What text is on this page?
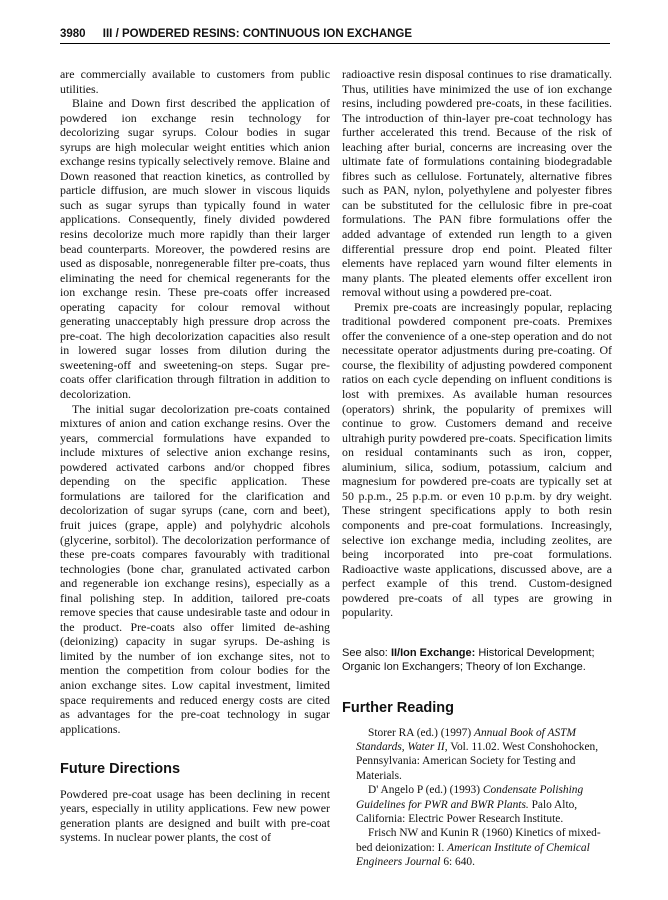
3980 III / POWDERED RESINS: CONTINUOUS ION EXCHANGE

are commercially available to customers from public utilities.

Blaine and Down first described the application of powdered ion exchange resin technology for decolorizing sugar syrups. Colour bodies in sugar syrups are high molecular weight entities which anion exchange resins typically selectively remove. Blaine and Down reasoned that reaction kinetics, as controlled by particle diffusion, are much slower in viscous liquids such as sugar syrups than typically found in water applications. Consequently, finely divided powdered resins decolorize much more rapidly than their larger bead counterparts. Moreover, the powdered resins are used as disposable, nonregenerable filter pre-coats, thus eliminating the need for chemical regenerants for the ion exchange resin. These pre-coats offer increased operating capacity for colour removal without generating unacceptably high pressure drop across the pre-coat. The high decolorization capacities also result in lowered sugar losses from dilution during the sweetening-off and sweetening-on steps. Sugar pre-coats offer clarification through filtration in addition to decolorization.

The initial sugar decolorization pre-coats contained mixtures of anion and cation exchange resins. Over the years, commercial formulations have expanded to include mixtures of selective anion exchange resins, powdered activated carbons and/or chopped fibres depending on the specific application. These formulations are tailored for the clarification and decolorization of sugar syrups (cane, corn and beet), fruit juices (grape, apple) and polyhydric alcohols (glycerine, sorbitol). The decolorization performance of these pre-coats compares favourably with traditional technologies (bone char, granulated activated carbon and regenerable ion exchange resins), especially as a final polishing step. In addition, tailored pre-coats remove species that cause undesirable taste and odour in the product. Pre-coats also offer limited de-ashing (deionizing) capacity in sugar syrups. De-ashing is limited by the number of ion exchange sites, not to mention the competition from colour bodies for the anion exchange sites. Low capital investment, limited space requirements and reduced energy costs are cited as advantages for the pre-coat technology in sugar applications.

Future Directions

Powdered pre-coat usage has been declining in recent years, especially in utility applications. Few new power generation plants are designed and built with pre-coat systems. In nuclear power plants, the cost of

radioactive resin disposal continues to rise dramatically. Thus, utilities have minimized the use of ion exchange resins, including powdered pre-coats, in these facilities. The introduction of thin-layer pre-coat technology has further accelerated this trend. Because of the risk of leaching after burial, concerns are increasing over the ultimate fate of formulations containing biodegradable fibres such as cellulose. Fortunately, alternative fibres such as PAN, nylon, polyethylene and polyester fibres can be substituted for the cellulosic fibre in pre-coat formulations. The PAN fibre formulations offer the added advantage of extended run length to a given differential pressure drop end point. Pleated filter elements have replaced yarn wound filter elements in many plants. The pleated elements offer excellent iron removal without using a powdered pre-coat.

Premix pre-coats are increasingly popular, replacing traditional powdered component pre-coats. Premixes offer the convenience of a one-step operation and do not necessitate operator adjustments during pre-coating. Of course, the flexibility of adjusting powdered component ratios on each cycle depending on influent conditions is lost with premixes. As available human resources (operators) shrink, the popularity of premixes will continue to grow. Customers demand and receive ultrahigh purity powdered pre-coats. Specification limits on residual contaminants such as iron, copper, aluminium, silica, sodium, potassium, calcium and magnesium for powdered pre-coats are typically set at 50 p.p.m., 25 p.p.m. or even 10 p.p.m. by dry weight. These stringent specifications apply to both resin components and pre-coat formulations. Increasingly, selective ion exchange media, including zeolites, are being incorporated into pre-coat formulations. Radioactive waste applications, discussed above, are a perfect example of this trend. Custom-designed powdered pre-coats of all types are growing in popularity.

See also: II/Ion Exchange: Historical Development; Organic Ion Exchangers; Theory of Ion Exchange.
Further Reading

Storer RA (ed.) (1997) Annual Book of ASTM Standards, Water II, Vol. 11.02. West Conshohocken, Pennsylvania: American Society for Testing and Materials.

D' Angelo P (ed.) (1993) Condensate Polishing Guidelines for PWR and BWR Plants. Palo Alto, California: Electric Power Research Institute.

Frisch NW and Kunin R (1960) Kinetics of mixed-bed deionization: I. American Institute of Chemical Engineers Journal 6: 640.
